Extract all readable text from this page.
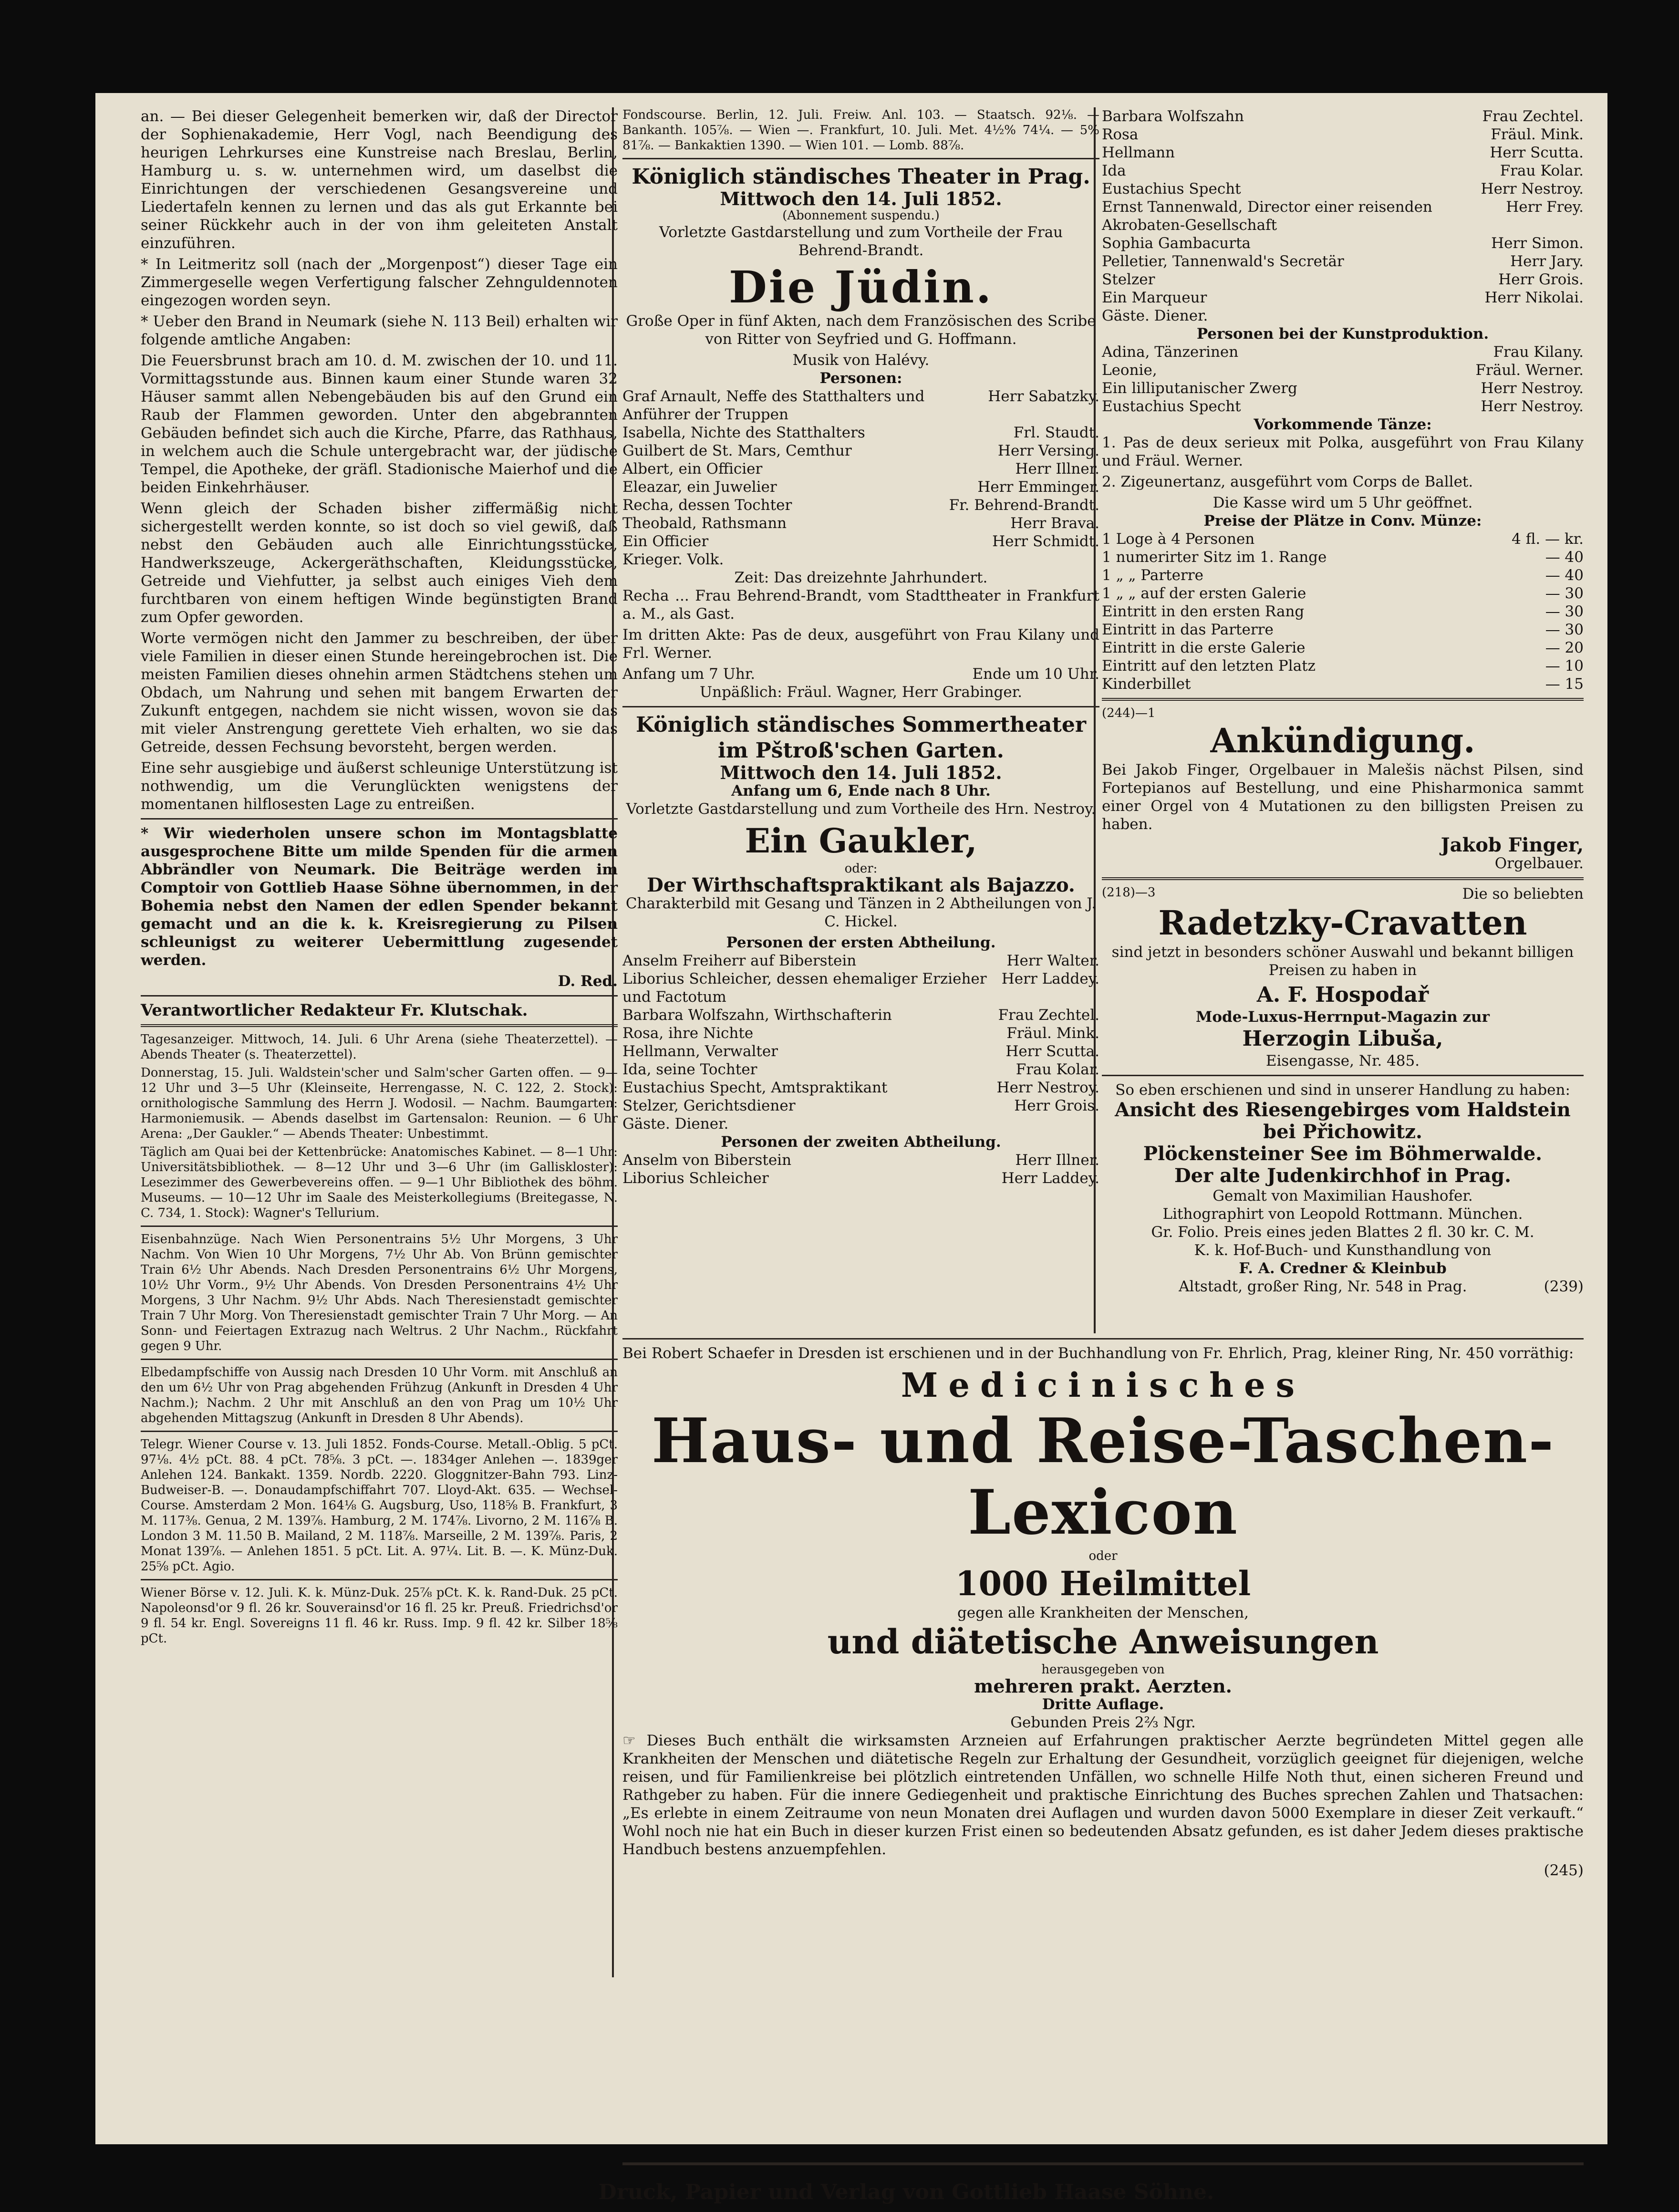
an. — Bei dieser Gelegenheit bemerken wir, daß der Director der Sophienakademie, Herr Vogl, nach Beendigung des heurigen Lehrkurses eine Kunstreise nach Breslau, Berlin, Hamburg u. s. w. unternehmen wird, um daselbst die Einrichtungen der verschiedenen Gesangsvereine und Liedertafeln kennen zu lernen und das als gut Erkannte bei seiner Rückkehr auch in der von ihm geleiteten Anstalt einzuführen.

* In Leitmeritz soll (nach der „Morgenpost“) dieser Tage ein Zimmergeselle wegen Verfertigung falscher Zehnguldennoten eingezogen worden seyn.

* Ueber den Brand in Neumark (siehe N. 113 Beil) erhalten wir folgende amtliche Angaben:

Die Feuersbrunst brach am 10. d. M. zwischen der 10. und 11. Vormittagsstunde aus. Binnen kaum einer Stunde waren 32 Häuser sammt allen Nebengebäuden bis auf den Grund ein Raub der Flammen geworden. Unter den abgebrannten Gebäuden befindet sich auch die Kirche, Pfarre, das Rathhaus, in welchem auch die Schule untergebracht war, der jüdische Tempel, die Apotheke, der gräfl. Stadionische Maierhof und die beiden Einkehrhäuser.

Wenn gleich der Schaden bisher ziffermäßig nicht sichergestellt werden konnte, so ist doch so viel gewiß, daß nebst den Gebäuden auch alle Einrichtungsstücke, Handwerkszeuge, Ackergeräthschaften, Kleidungsstücke, Getreide und Viehfutter, ja selbst auch einiges Vieh dem furchtbaren von einem heftigen Winde begünstigten Brand zum Opfer geworden.

Worte vermögen nicht den Jammer zu beschreiben, der über viele Familien in dieser einen Stunde hereingebrochen ist. Die meisten Familien dieses ohnehin armen Städtchens stehen um Obdach, um Nahrung und sehen mit bangem Erwarten der Zukunft entgegen, nachdem sie nicht wissen, wovon sie das mit vieler Anstrengung gerettete Vieh erhalten, wo sie das Getreide, dessen Fechsung bevorsteht, bergen werden.

Eine sehr ausgiebige und äußerst schleunige Unterstützung ist nothwendig, um die Verunglückten wenigstens der momentanen hilflosesten Lage zu entreißen.

* Wir wiederholen unsere schon im Montagsblatte ausgesprochene Bitte um milde Spenden für die armen Abbrändler von Neumark. Die Beiträge werden im Comptoir von Gottlieb Haase Söhne übernommen, in der Bohemia nebst den Namen der edlen Spender bekannt gemacht und an die k. k. Kreisregierung zu Pilsen schleunigst zu weiterer Uebermittlung zugesendet werden.

D. Red.

Verantwortlicher Redakteur Fr. Klutschak.

Tagesanzeiger. Mittwoch, 14. Juli. 6 Uhr Arena (siehe Theaterzettel). — Abends Theater (s. Theaterzettel).

Donnerstag, 15. Juli. Waldstein'scher und Salm'scher Garten offen. — 9—12 Uhr und 3—5 Uhr (Kleinseite, Herrengasse, N. C. 122, 2. Stock): ornithologische Sammlung des Herrn J. Wodosil. — Nachm. Baumgarten: Harmoniemusik. — Abends daselbst im Gartensalon: Reunion. — 6 Uhr Arena: „Der Gaukler.“ — Abends Theater: Unbestimmt.

Täglich am Quai bei der Kettenbrücke: Anatomisches Kabinet. — 8—1 Uhr: Universitätsbibliothek. — 8—12 Uhr und 3—6 Uhr (im Galliskloster): Lesezimmer des Gewerbevereins offen. — 9—1 Uhr Bibliothek des böhm. Museums. — 10—12 Uhr im Saale des Meisterkollegiums (Breitegasse, N. C. 734, 1. Stock): Wagner's Tellurium.

Eisenbahnzüge. Nach Wien Personentrains 5½ Uhr Morgens, 3 Uhr Nachm. Von Wien 10 Uhr Morgens, 7½ Uhr Ab. Von Brünn gemischter Train 6½ Uhr Abends. Nach Dresden Personentrains 6½ Uhr Morgens, 10½ Uhr Vorm., 9½ Uhr Abends. Von Dresden Personentrains 4½ Uhr Morgens, 3 Uhr Nachm. 9½ Uhr Abds. Nach Theresienstadt gemischter Train 7 Uhr Morg. Von Theresienstadt gemischter Train 7 Uhr Morg. — An Sonn- und Feiertagen Extrazug nach Weltrus. 2 Uhr Nachm., Rückfahrt gegen 9 Uhr.

Elbedampfschiffe von Aussig nach Dresden 10 Uhr Vorm. mit Anschluß an den um 6½ Uhr von Prag abgehenden Frühzug (Ankunft in Dresden 4 Uhr Nachm.); Nachm. 2 Uhr mit Anschluß an den von Prag um 10½ Uhr abgehenden Mittagszug (Ankunft in Dresden 8 Uhr Abends).

Telegr. Wiener Course v. 13. Juli 1852. Fonds-Course. Metall.-Oblig. 5 pCt. 97⅛. 4½ pCt. 88. 4 pCt. 78⅝. 3 pCt. —. 1834ger Anlehen —. 1839ger Anlehen 124. Bankakt. 1359. Nordb. 2220. Gloggnitzer-Bahn 793. Linz-Budweiser-B. —. Donaudampfschiffahrt 707. Lloyd-Akt. 635. — Wechsel-Course. Amsterdam 2 Mon. 164⅛ G. Augsburg, Uso, 118⅝ B. Frankfurt, 3 M. 117⅜. Genua, 2 M. 139⅞. Hamburg, 2 M. 174⅞. Livorno, 2 M. 116⅞ B. London 3 M. 11.50 B. Mailand, 2 M. 118⅞. Marseille, 2 M. 139⅞. Paris, 2 Monat 139⅞. — Anlehen 1851. 5 pCt. Lit. A. 97¼. Lit. B. —. K. Münz-Duk. 25⅝ pCt. Agio.

Wiener Börse v. 12. Juli. K. k. Münz-Duk. 25⅞ pCt. K. k. Rand-Duk. 25 pCt. Napoleonsd'or 9 fl. 26 kr. Souverainsd'or 16 fl. 25 kr. Preuß. Friedrichsd'or 9 fl. 54 kr. Engl. Sovereigns 11 fl. 46 kr. Russ. Imp. 9 fl. 42 kr. Silber 18⅝ pCt.

Fondscourse. Berlin, 12. Juli. Freiw. Anl. 103. — Staatsch. 92⅛. — Bankanth. 105⅞. — Wien —. Frankfurt, 10. Juli. Met. 4½% 74¼. — 5% 81⅞. — Bankaktien 1390. — Wien 101. — Lomb. 88⅞.

Königlich ständisches Theater in Prag.
Mittwoch den 14. Juli 1852.
(Abonnement suspendu.)

Vorletzte Gastdarstellung und zum Vortheile der Frau Behrend-Brandt.

Die Jüdin.

Große Oper in fünf Akten, nach dem Französischen des Scribe von Ritter von Seyfried und G. Hoffmann.

Musik von Halévy.
Personen:
Graf Arnault, Neffe des Statthalters und Anführer der Truppen
Herr Sabatzky.
Isabella, Nichte des Statthalters	Frl. Staudt.
Guilbert de St. Mars, Cemthur	Herr Versing.
Albert, ein Officier	Herr Illner.
Eleazar, ein Juwelier	Herr Emminger.
Recha, dessen Tochter	Fr. Behrend-Brandt.
Theobald, Rathsmann	Herr Brava.
Ein Officier	Herr Schmidt.
Krieger. Volk.
Zeit: Das dreizehnte Jahrhundert.

Recha ... Frau Behrend-Brandt, vom Stadttheater in Frankfurt a. M., als Gast.

Im dritten Akte: Pas de deux, ausgeführt von Frau Kilany und Frl. Werner.

Anfang um 7 Uhr.	Ende um 10 Uhr.
Unpäßlich: Fräul. Wagner, Herr Grabinger.
Königlich ständisches Sommertheater im Pštroß'schen Garten.
Mittwoch den 14. Juli 1852.
Anfang um 6, Ende nach 8 Uhr.

Vorletzte Gastdarstellung und zum Vortheile des Hrn. Nestroy.

Ein Gaukler,
oder:
Der Wirthschaftspraktikant als Bajazzo.

Charakterbild mit Gesang und Tänzen in 2 Abtheilungen von J. C. Hickel.

Personen der ersten Abtheilung.
Anselm Freiherr auf Biberstein	Herr Walter.
Liborius Schleicher, dessen ehemaliger Erzieher und Factotum
Herr Laddey.
Barbara Wolfszahn, Wirthschafterin	Frau Zechtel.
Rosa, ihre Nichte	Fräul. Mink.
Hellmann, Verwalter	Herr Scutta.
Ida, seine Tochter	Frau Kolar.
Eustachius Specht, Amtspraktikant	Herr Nestroy.
Stelzer, Gerichtsdiener	Herr Grois.
Gäste. Diener.
Personen der zweiten Abtheilung.
Anselm von Biberstein	Herr Illner.
Liborius Schleicher	Herr Laddey.
Barbara Wolfszahn	Frau Zechtel.
Rosa	Fräul. Mink.
Hellmann	Herr Scutta.
Ida	Frau Kolar.
Eustachius Specht	Herr Nestroy.
Ernst Tannenwald, Director einer reisenden Akrobaten-Gesellschaft
Herr Frey.
Sophia Gambacurta	Herr Simon.
Pelletier, Tannenwald's Secretär	Herr Jary.
Stelzer	Herr Grois.
Ein Marqueur	Herr Nikolai.
Gäste. Diener.
Personen bei der Kunstproduktion.
Adina, Tänzerinen	Frau Kilany.
Leonie,	Fräul. Werner.
Ein lilliputanischer Zwerg	Herr Nestroy.
Eustachius Specht	Herr Nestroy.
Vorkommende Tänze:

1. Pas de deux serieux mit Polka, ausgeführt von Frau Kilany und Fräul. Werner.

2. Zigeunertanz, ausgeführt vom Corps de Ballet.

Die Kasse wird um 5 Uhr geöffnet.
Preise der Plätze in Conv. Münze:
1 Loge à 4 Personen	4 fl. — kr.
1 numerirter Sitz im 1. Range	— 40
1 „ „ Parterre	— 40
1 „ „ auf der ersten Galerie	— 30
Eintritt in den ersten Rang	— 30
Eintritt in das Parterre	— 30
Eintritt in die erste Galerie	— 20
Eintritt auf den letzten Platz	— 10
Kinderbillet	— 15
(244)—1
Ankündigung.

Bei Jakob Finger, Orgelbauer in Malešis nächst Pilsen, sind Fortepianos auf Bestellung, und eine Phisharmonica sammt einer Orgel von 4 Mutationen zu den billigsten Preisen zu haben.

Jakob Finger,
Orgelbauer.
(218)—3	Die so beliebten
Radetzky-Cravatten

sind jetzt in besonders schöner Auswahl und bekannt billigen Preisen zu haben in

A. F. Hospodař
Mode-Luxus-Herrnput-Magazin zur
Herzogin Libuša,
Eisengasse, Nr. 485.
So eben erschienen und sind in unserer Handlung zu haben:
Ansicht des Riesengebirges vom Haldstein bei Přichowitz.
Plöckensteiner See im Böhmerwalde.
Der alte Judenkirchhof in Prag.
Gemalt von Maximilian Haushofer.
Lithographirt von Leopold Rottmann. München.
Gr. Folio. Preis eines jeden Blattes 2 fl. 30 kr. C. M.
K. k. Hof-Buch- und Kunsthandlung von
F. A. Credner & Kleinbub
Altstadt, großer Ring, Nr. 548 in Prag.	(239)

Bei Robert Schaefer in Dresden ist erschienen und in der Buchhandlung von Fr. Ehrlich, Prag, kleiner Ring, Nr. 450 vorräthig:

Medicinisches
Haus- und Reise-Taschen-Lexicon
oder
1000 Heilmittel
gegen alle Krankheiten der Menschen,
und diätetische Anweisungen
herausgegeben von
mehreren prakt. Aerzten.
Dritte Auflage.
Gebunden Preis 2⅔ Ngr.

☞ Dieses Buch enthält die wirksamsten Arzneien auf Erfahrungen praktischer Aerzte begründeten Mittel gegen alle Krankheiten der Menschen und diätetische Regeln zur Erhaltung der Gesundheit, vorzüglich geeignet für diejenigen, welche reisen, und für Familienkreise bei plötzlich eintretenden Unfällen, wo schnelle Hilfe Noth thut, einen sicheren Freund und Rathgeber zu haben. Für die innere Gediegenheit und praktische Einrichtung des Buches sprechen Zahlen und Thatsachen: „Es erlebte in einem Zeitraume von neun Monaten drei Auflagen und wurden davon 5000 Exemplare in dieser Zeit verkauft.“ Wohl noch nie hat ein Buch in dieser kurzen Frist einen so bedeutenden Absatz gefunden, es ist daher Jedem dieses praktische Handbuch bestens anzuempfehlen.

(245)
Druck, Papier und Verlag von Gottlieb Haase Söhne.
